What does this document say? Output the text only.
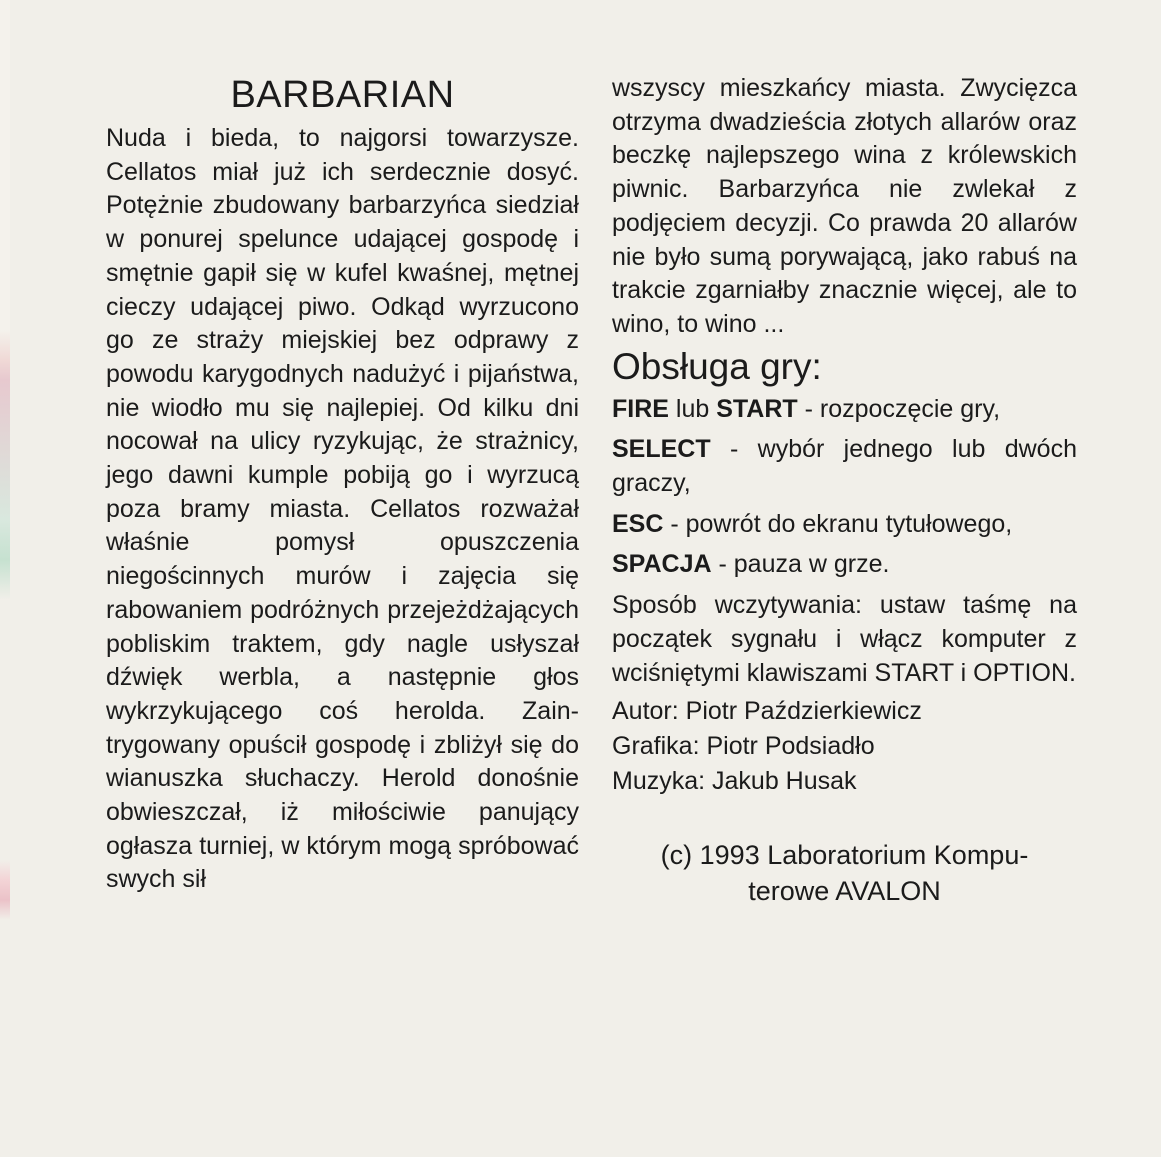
BARBARIAN

Nuda i bieda, to najgorsi towarzysze. Cellatos miał już ich serdecznie dosyć. Potężnie zbudowany barbarzyńca siedział w ponurej spelunce udającej gospodę i smętnie gapił się w kufel kwaśnej, mętnej cieczy udającej piwo. Odkąd wyrzucono go ze straży miejskiej bez odprawy z powodu karygodnych nadużyć i pijaństwa, nie wiodło mu się najlepiej. Od kilku dni nocował na ulicy ryzykując, że strażnicy, jego dawni kumple pobiją go i wyrzucą poza bramy miasta. Cellatos rozważał właśnie pomysł opuszczenia niegościnnych murów i zajęcia się rabowaniem podróżnych przejeżdżających pobliskim traktem, gdy nagle usłyszał dźwięk werbla, a następnie głos wykrzykującego coś herolda. Zaintrygowany opuścił gospodę i zbliżył się do wianuszka słuchaczy. Herold donośnie obwieszczał, iż miłościwie panujący ogłasza turniej, w którym mogą spróbować swych sił

wszyscy mieszkańcy miasta. Zwycięzca otrzyma dwadzieścia złotych allarów oraz beczkę najlepszego wina z królewskich piwnic. Barbarzyńca nie zwlekał z podjęciem decyzji. Co prawda 20 allarów nie było sumą porywającą, jako rabuś na trakcie zgarniałby znacznie więcej, ale to wino, to wino ...

Obsługa gry:

FIRE lub START - rozpoczęcie gry,

SELECT - wybór jednego lub dwóch graczy,

ESC - powrót do ekranu tytułowego,

SPACJA - pauza w grze.

Sposób wczytywania: ustaw taśmę na początek sygnału i włącz komputer z wciśniętymi klawiszami START i OPTION.

Autor: Piotr Paździerkiewicz
Grafika: Piotr Podsiadło
Muzyka: Jakub Husak

(c) 1993 Laboratorium Kompu-
terowe AVALON
